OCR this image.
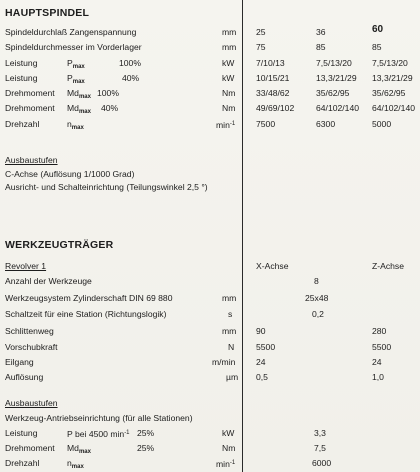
HAUPTSPINDEL
Spindeldurchlaß Zangenspannung	mm 25	36	60
Spindeldurchmesser im Vorderlager	mm 75	85	85
Leistung	$P_{max}$	100%	kW	7/10/13	7,5/13/20 7,5/13/20
Leistung	$P_{max}$	40%	kW	10/15/21	13,3/21/29 13,3/21/29
Drehmoment $Md_{max}$ 100%	Nm 33/48/62	35/62/95	35/62/95
Drehmoment $Md_{max}$ 40%	Nm 49/69/102	64/102/140 64/102/140
Drehzahl	$n_{max}$	$\min^{-1} 7500$	6300	5000
Ausbaustufen
C-Achse (Auflösung 1/1000 Grad)
Ausricht- und Schalteinrichtung (Teilungswinkel 2,5 °)
WERKZEUGTRÄGER
Revolver 1	X-Achse	Z-Achse
Anzahl der Werkzeuge	8
Werkzeugsystem Zylinderschaft DIN 69 880	mm	25x48
Schaltzeit für eine Station (Richtungslogik)	s	0,2
Schlittenweg	mm 90	280
Vorschubkraft	N	5500	5500
Eilgang	m/min 24	24
Auflösung	µm 0,5	1,0
Ausbaustufen
Werkzeug-Antriebseinrichtung (für alle Stationen)
Leistung	P bei 4500 $\min^{-1} 25\%$	kW	3,3
Drehmoment $Md_{max}$	25%	Nm	7,5
Drehzahl	$n_{max}$	$\min^{-1}$	6000
